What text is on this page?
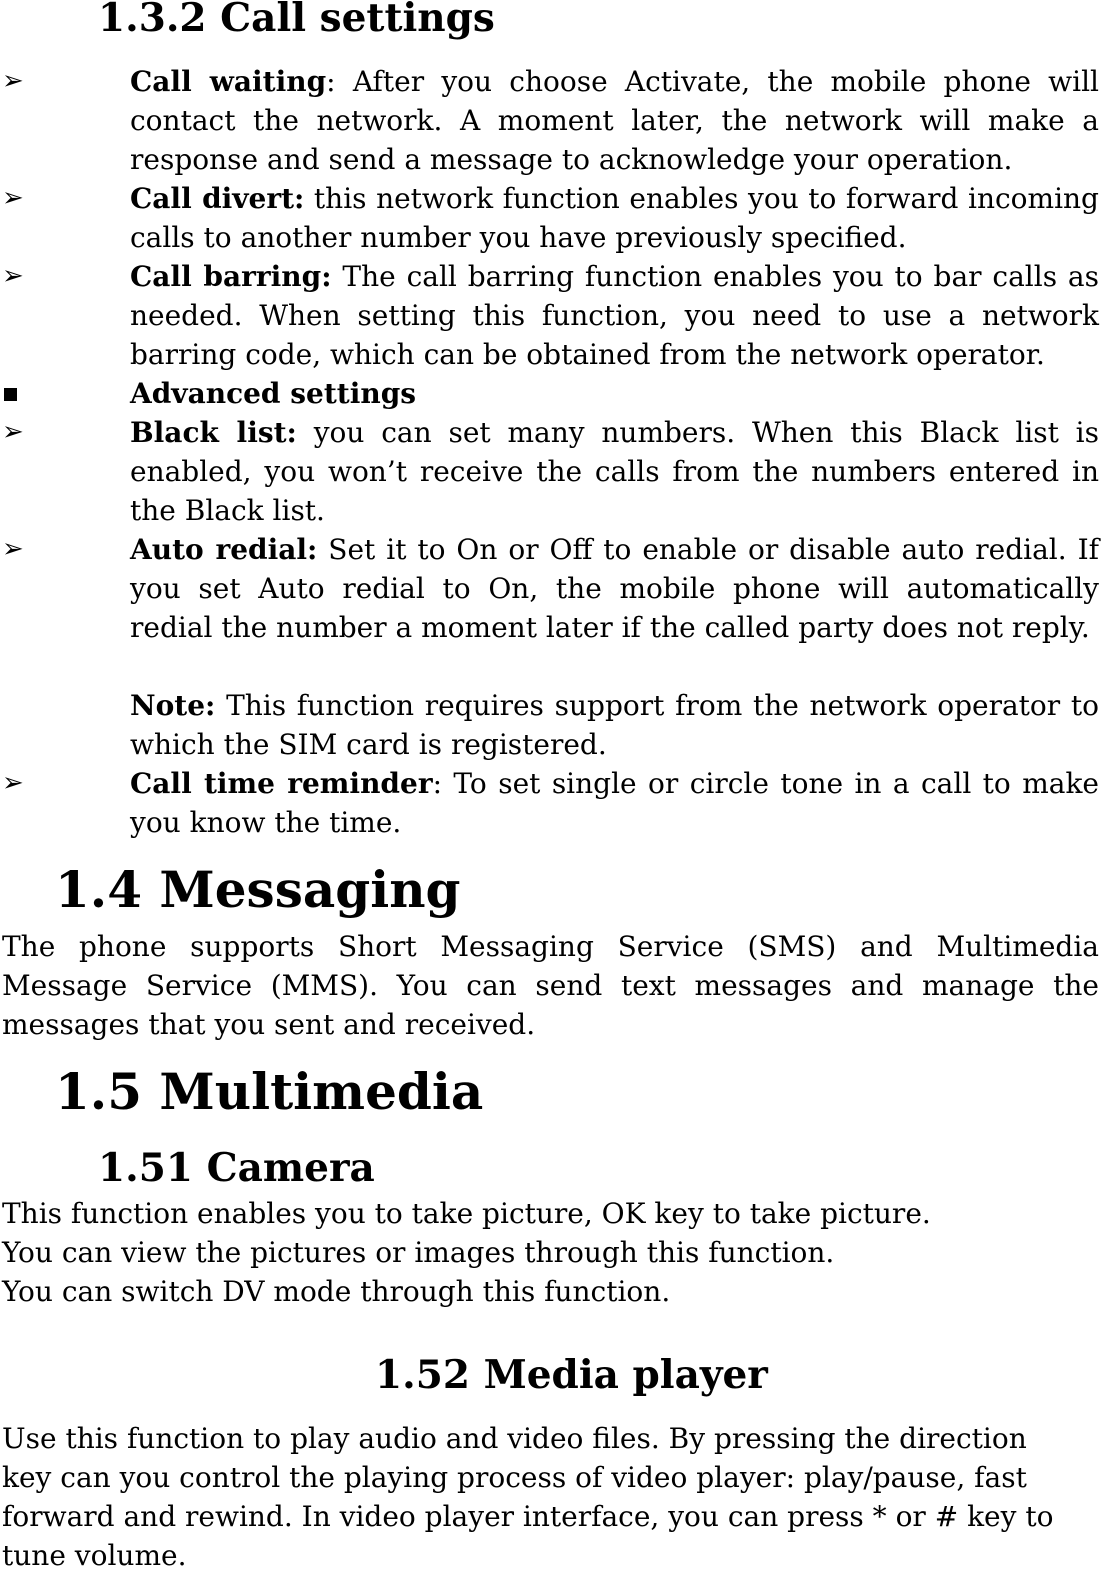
1.3.2 Call settings
➢	Call waiting: After you choose Activate, the mobile phone will contact the network. A moment later, the network will make a response and send a message to acknowledge your operation.
➢	Call divert: this network function enables you to forward incoming calls to another number you have previously specified.
➢	Call barring: The call barring function enables you to bar calls as needed. When setting this function, you need to use a network barring code, which can be obtained from the network operator.
Advanced settings
➢	Black list: you can set many numbers. When this Black list is enabled, you won’t receive the calls from the numbers entered in the Black list.
➢	Auto redial: Set it to On or Off to enable or disable auto redial. If you set Auto redial to On, the mobile phone will automatically redial the number a moment later if the called party does not reply.
Note: This function requires support from the network operator to which the SIM card is registered.
➢	Call time reminder: To set single or circle tone in a call to make you know the time.
1.4 Messaging
The phone supports Short Messaging Service (SMS) and Multimedia Message Service (MMS). You can send text messages and manage the messages that you sent and received.
1.5 Multimedia
1.51 Camera
This function enables you to take picture, OK key to take picture.
You can view the pictures or images through this function.
You can switch DV mode through this function.
1.52 Media player
Use this function to play audio and video files. By pressing the direction
key can you control the playing process of video player: play/pause, fast
forward and rewind. In video player interface, you can press * or # key to
tune volume.
